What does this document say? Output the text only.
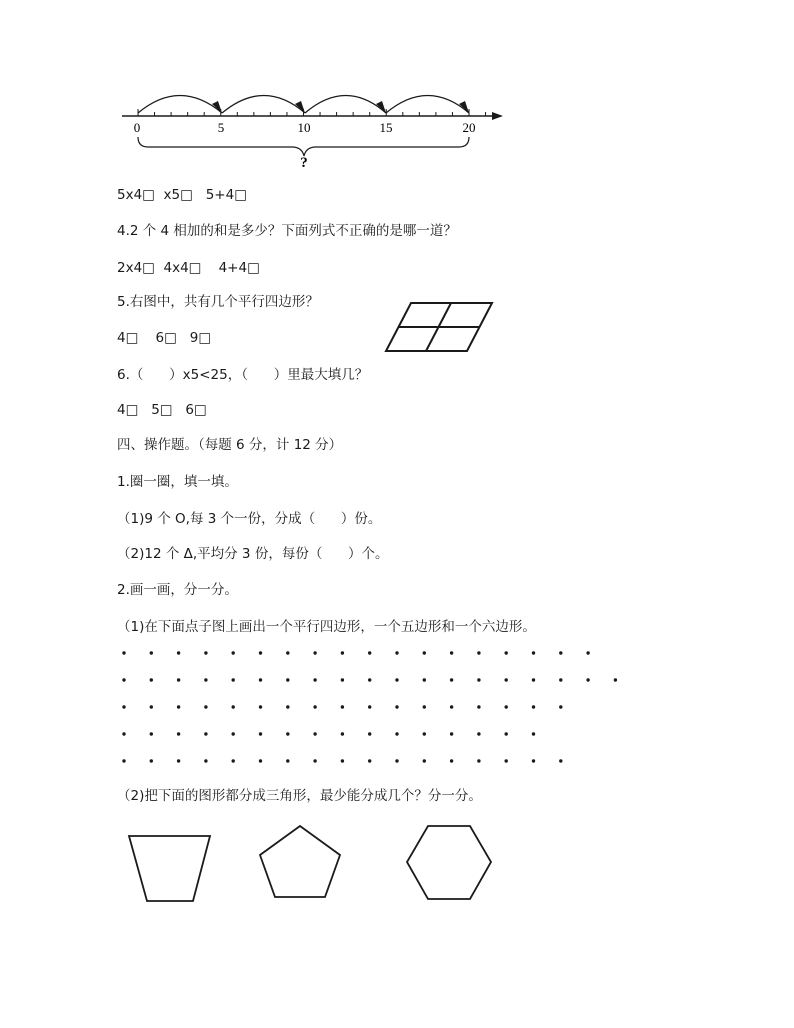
0	5	10	15	20
?
5x4□  x5□   5+4□
4.2 个 4 相加的和是多少？下面列式不正确的是哪一道？
2x4□  4x4□    4+4□
5.右图中，共有几个平行四边形？
4□    6□   9□
6.（      ）x5<25，（      ）里最大填几？
4□   5□   6□
四、操作题。（每题 6 分，计 12 分）
1.圈一圈，填一填。
（1)9 个 O,每 3 个一份，分成（      ）份。
（2)12 个 Δ,平均分 3 份，每份（      ）个。
2.画一画，分一分。
（1)在下面点子图上画出一个平行四边形，一个五边形和一个六边形。
（2)把下面的图形都分成三角形，最少能分成几个？分一分。
